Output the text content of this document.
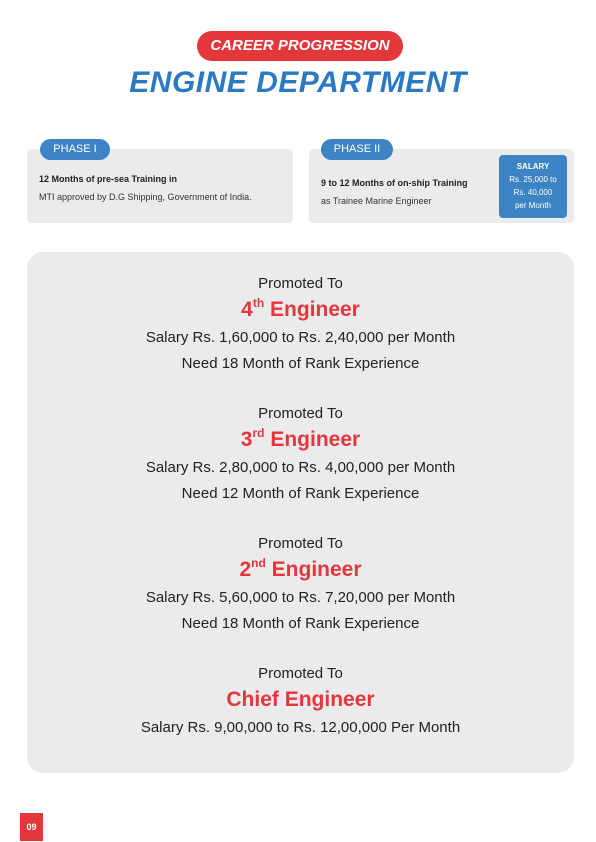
CAREER PROGRESSION
ENGINE DEPARTMENT
PHASE I
12 Months of pre-sea Training in
MTI approved by D.G Shipping, Government of India.
PHASE II
9 to 12 Months of on-ship Training
as Trainee Marine Engineer
SALARY
Rs. 25,000 to
Rs. 40,000
per Month
Promoted To
4th Engineer
Salary Rs. 1,60,000 to Rs. 2,40,000 per Month
Need 18 Month of Rank Experience
Promoted To
3rd Engineer
Salary Rs. 2,80,000 to Rs. 4,00,000 per Month
Need 12 Month of Rank Experience
Promoted To
2nd Engineer
Salary Rs. 5,60,000 to Rs. 7,20,000 per Month
Need 18 Month of Rank Experience
Promoted To
Chief Engineer
Salary Rs. 9,00,000 to Rs. 12,00,000 Per Month
09
